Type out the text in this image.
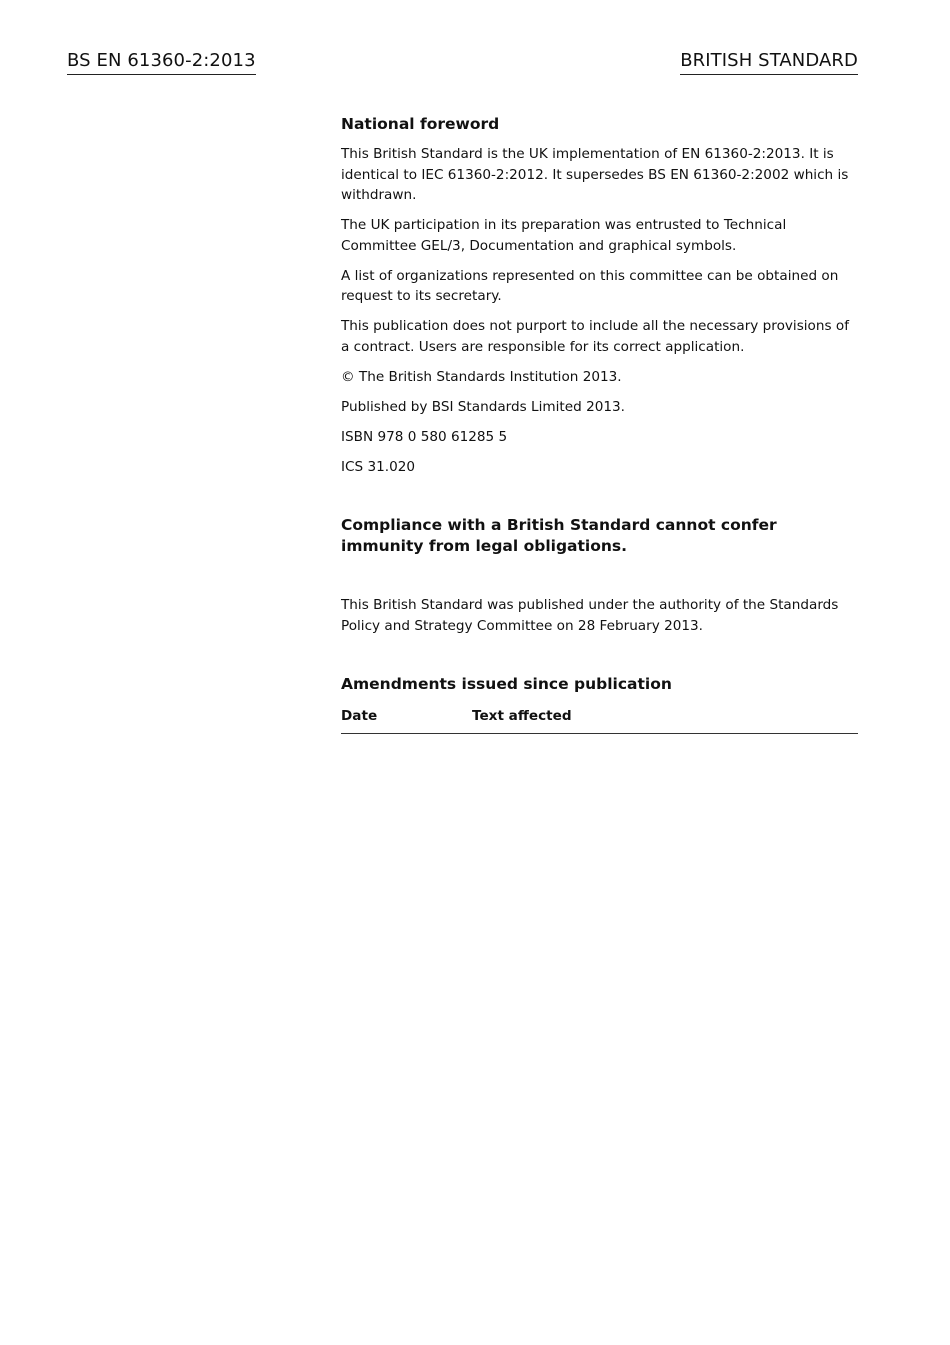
BS EN 61360-2:2013	BRITISH STANDARD
National foreword

This British Standard is the UK implementation of EN 61360-2:2013. It is identical to IEC 61360-2:2012. It supersedes BS EN 61360-2:2002 which is withdrawn.

The UK participation in its preparation was entrusted to Technical Committee GEL/3, Documentation and graphical symbols.

A list of organizations represented on this committee can be obtained on request to its secretary.

This publication does not purport to include all the necessary provisions of a contract. Users are responsible for its correct application.

© The British Standards Institution 2013.

Published by BSI Standards Limited 2013.

ISBN 978 0 580 61285 5

ICS 31.020

Compliance with a British Standard cannot confer immunity from legal obligations.
This British Standard was published under the authority of the Standards Policy and Strategy Committee on 28 February 2013.
Amendments issued since publication
Date	Text affected
